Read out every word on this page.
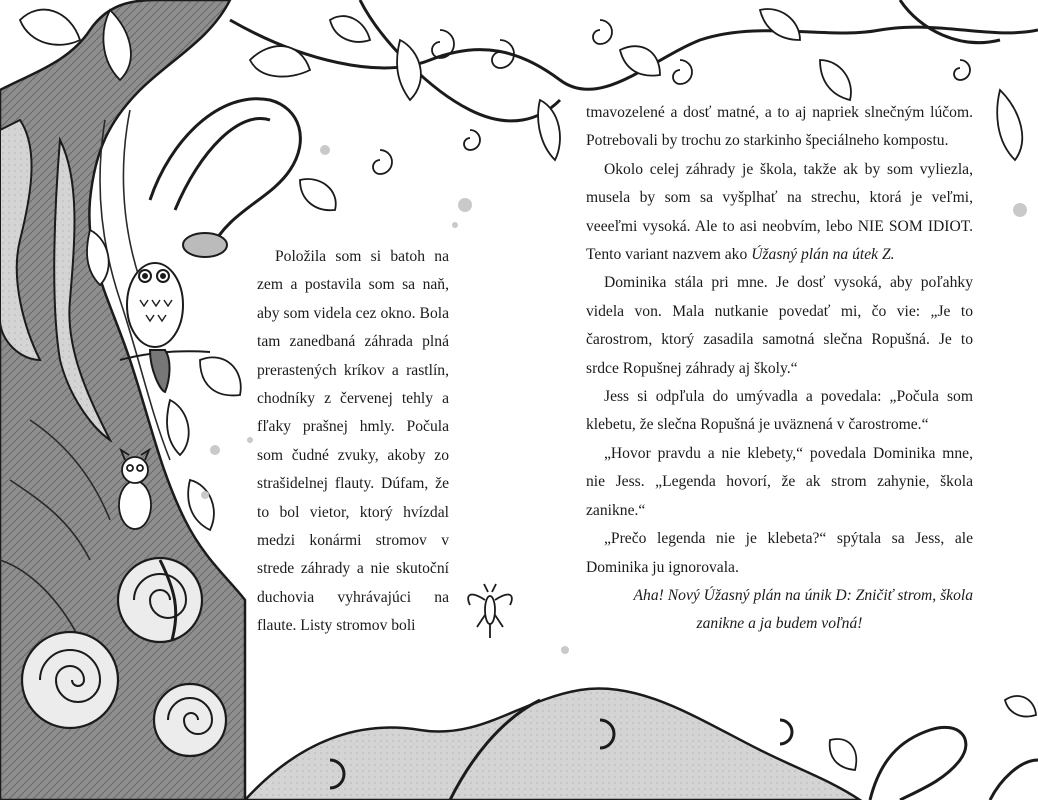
Položila som si batoh na zem a postavila som sa naň, aby som videla cez okno. Bola tam zanedbaná záhrada plná prerastených kríkov a rastlín, chodníky z červenej tehly a fľaky prašnej hmly. Počula som čudné zvuky, akoby zo strašidelnej flauty. Dúfam, že to bol vietor, ktorý hvízdal medzi konármi stromov v strede záhrady a nie skutoční duchovia vyhrávajúci na flaute. Listy stromov boli

tmavozelené a dosť matné, a to aj napriek slnečným lúčom. Potrebovali by trochu zo starkinho špeciálneho kompostu.

Okolo celej záhrady je škola, takže ak by som vyliezla, musela by som sa vyšplhať na strechu, ktorá je veľmi, veeeľmi vysoká. Ale to asi neobvím, lebo NIE SOM IDIOT. Tento variant nazvem ako Úžasný plán na útek Z.

Dominika stála pri mne. Je dosť vysoká, aby poľahky videla von. Mala nutkanie povedať mi, čo vie: „Je to čarostrom, ktorý zasadila samotná slečna Ropušná. Je to srdce Ropušnej záhrady aj školy.“

Jess si odpľula do umývadla a povedala: „Počula som klebetu, že slečna Ropušná je uväznená v čarostrome.“

„Hovor pravdu a nie klebety,“ povedala Dominika mne, nie Jess. „Legenda hovorí, že ak strom zahynie, škola zanikne.“

„Prečo legenda nie je klebeta?“ spýtala sa Jess, ale Dominika ju ignorovala.

Aha! Nový Úžasný plán na únik D: Zničiť strom, škola

zanikne a ja budem voľná!
